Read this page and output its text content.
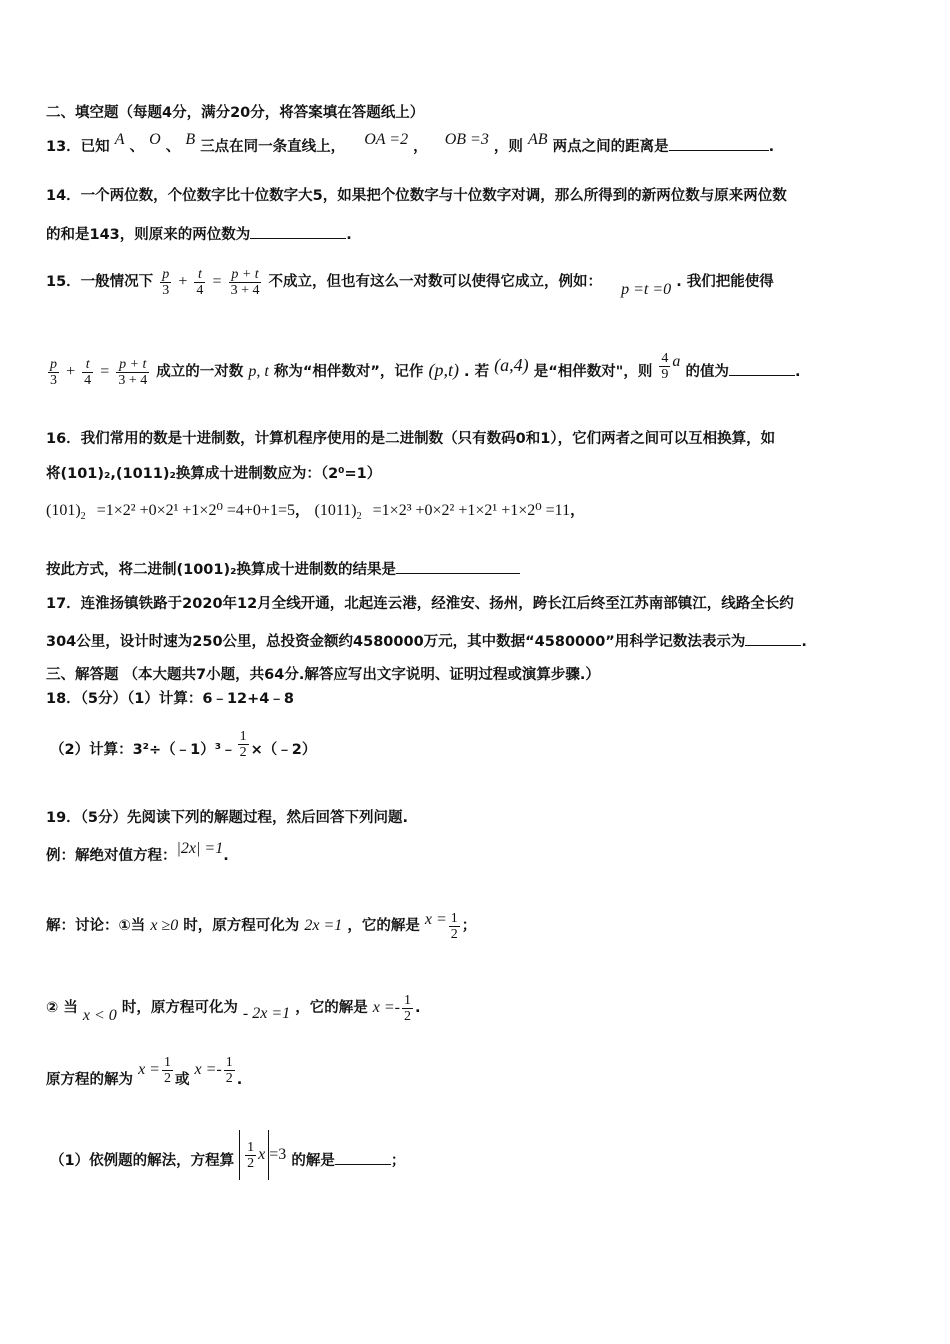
二、填空题（每题4分，满分20分，将答案填在答题纸上）
13．已知 A 、 O 、 B 三点在同一条直线上， OA =2 ， OB =3 ，则 AB 两点之间的距离是	.
14．一个两位数，个位数字比十位数字大5，如果把个位数字与十位数字对调，那么所得到的新两位数与原来两位数
的和是143，则原来的两位数为	.
15．一般情况下 $\frac{p}{3} + \frac{t}{4} = \frac{p + t}{3 + 4}$ 不成立，但也有这么一对数可以使得它成立，例如： p =t =0 . 我们把能使得
$\frac{p}{3} + \frac{t}{4} = \frac{p + t}{3 + 4}$ 成立的一对数 p, t 称为“相伴数对”，记作 (p,t) . 若 (a,4) 是“相伴数对"，则 $\frac{4}{9}$ a 的值为	.
16．我们常用的数是十进制数，计算机程序使用的是二进制数（只有数码0和1），它们两者之间可以互相换算，如
将(101)₂,(1011)₂换算成十进制数应为：（2⁰=1）
$(101)_2 =1\times 2^2 +0\times 2^1 +1\times 2^0 =4+0+1=5$， $(1011)_2 =1\times 2^3 +0\times 2^2 +1\times 2^1 +1\times 2^0 =11$，
按此方式，将二进制(1001)₂换算成十进制数的结果是
17．连淮扬镇铁路于2020年12月全线开通，北起连云港，经淮安、扬州，跨长江后终至江苏南部镇江，线路全长约
304公里，设计时速为250公里，总投资金额约4580000万元，其中数据“4580000”用科学记数法表示为	.
三、解答题 （本大题共7小题，共64分.解答应写出文字说明、证明过程或演算步骤.）
18．（5分）（1）计算：6﹣12+4﹣8
（2）计算：3²÷（﹣1）³﹣ $\frac{1}{2}$ ×（﹣2）
19．（5分）先阅读下列的解题过程，然后回答下列问题.
例：解绝对值方程：|2x| =1.
解：讨论：①当 x ≥0 时，原方程可化为 2x =1 ，它的解是 $x = \frac{1}{2}$ ；
② 当 x < 0 时，原方程可化为 - 2x =1 ，它的解是 $x =- \frac{1}{2}$ .
原方程的解为 $x = \frac{1}{2}$ 或 $x =- \frac{1}{2}$ .
（1）依例题的解法，方程算 $\frac{1}{2}$ x =3 的解是	；
